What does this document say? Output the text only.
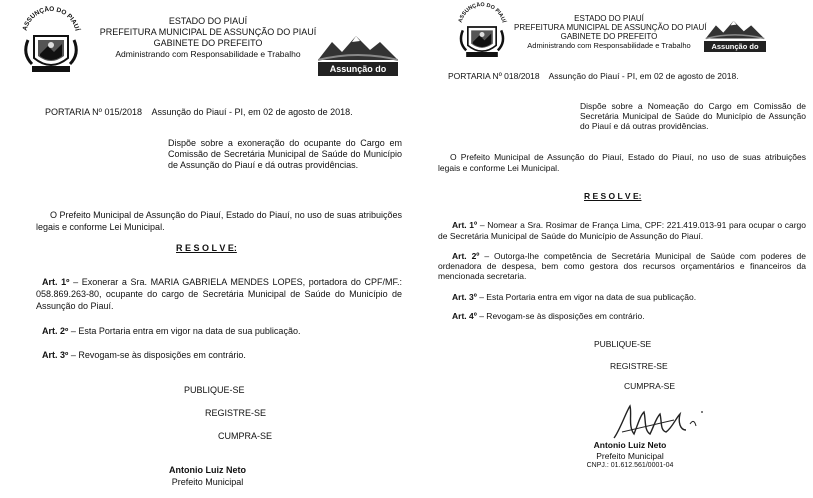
ASSUNÇÃO DO PIAUÍ
ESTADO DO PIAUÍ
PREFEITURA MUNICIPAL DE ASSUNÇÃO DO PIAUÍ
GABINETE DO PREFEITO
Administrando com Responsabilidade e Trabalho
Assunção do Piauí
PORTARIA Nº 015/2018    Assunção do Piauí - PI, em 02 de agosto de 2018.
Dispõe sobre a exoneração do ocupante do Cargo em Comissão de Secretária Municipal de Saúde do Município de Assunção do Piauí e dá outras providências.
O Prefeito Municipal de Assunção do Piauí, Estado do Piauí, no uso de suas atribuições legais e conforme Lei Municipal.
R E S O L V E:
Art. 1º – Exonerar a Sra. MARIA GABRIELA MENDES LOPES, portadora do CPF/MF.: 058.869.263-80, ocupante do cargo de Secretária Municipal de Saúde do Município de Assunção do Piauí.
Art. 2º – Esta Portaria entra em vigor na data de sua publicação.
Art. 3º – Revogam-se às disposições em contrário.
PUBLIQUE-SE
REGISTRE-SE
CUMPRA-SE
Antonio Luiz Neto
Prefeito Municipal
ASSUNÇÃO DO PIAUÍ	ESTADO DO PIAUÍ
PREFEITURA MUNICIPAL DE ASSUNÇÃO DO PIAUÍ
GABINETE DO PREFEITO
Administrando com Responsabilidade e Trabalho	Assunção do Piauí
PORTARIA Nº 018/2018    Assunção do Piauí - PI, em 02 de agosto de 2018.
Dispõe sobre a Nomeação do Cargo em Comissão de Secretária Municipal de Saúde do Município de Assunção do Piauí e dá outras providências.
O Prefeito Municipal de Assunção do Piauí, Estado do Piauí, no uso de suas atribuições legais e conforme Lei Municipal.
R E S O L V E:
Art. 1º – Nomear a Sra. Rosimar de França Lima, CPF: 221.419.013-91 para ocupar o cargo de Secretária Municipal de Saúde do Município de Assunção do Piauí.
Art. 2º – Outorga-lhe competência de Secretária Municipal de Saúde com poderes de ordenadora de despesa, bem como gestora dos recursos orçamentários e financeiros da mencionada secretaria.
Art. 3º – Esta Portaria entra em vigor na data de sua publicação.
Art. 4º – Revogam-se às disposições em contrário.
PUBLIQUE-SE
REGISTRE-SE
CUMPRA-SE
Antonio Luiz Neto
Prefeito Municipal
CNPJ.: 01.612.561/0001-04
